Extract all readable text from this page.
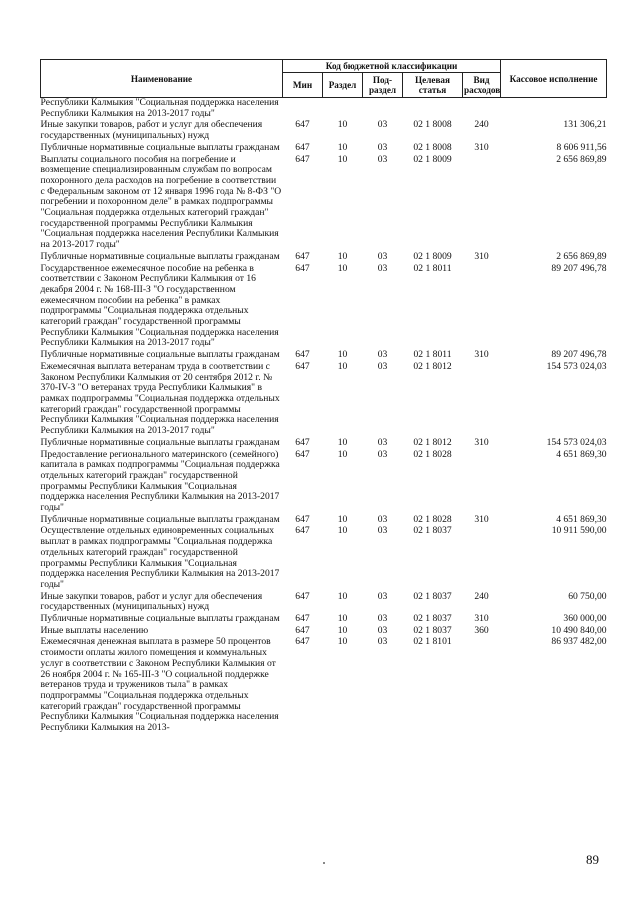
Наименование	Код бюджетной классификации					Кассовое исполнение
	Мин	Раздел	Под-раздел	Целевая статья	Вид расходов	
Республики Калмыкия "Социальная поддержка населения Республики Калмыкия на 2013-2017 годы"						
Иные закупки товаров, работ и услуг для обеспечения государственных (муниципальных) нужд	647	10	03	02 1 8008	240	131 306,21
Публичные нормативные социальные выплаты гражданам	647	10	03	02 1 8008	310	8 606 911,56
Выплаты социального пособия на погребение и возмещение специализированным службам по вопросам похоронного дела расходов на погребение в соответствии с Федеральным законом от 12 января 1996 года № 8-ФЗ "О погребении и похоронном деле" в рамках подпрограммы "Социальная поддержка отдельных категорий граждан" государственной программы Республики Калмыкия "Социальная поддержка населения Республики Калмыкия на 2013-2017 годы"	647	10	03	02 1 8009		2 656 869,89
Публичные нормативные социальные выплаты гражданам	647	10	03	02 1 8009	310	2 656 869,89
Государственное ежемесячное пособие на ребенка в соответствии с Законом Республики Калмыкия от 16 декабря 2004 г. № 168-III-З "О государственном ежемесячном пособии на ребенка" в рамках подпрограммы "Социальная поддержка отдельных категорий граждан" государственной программы Республики Калмыкия "Социальная поддержка населения Республики Калмыкия на 2013-2017 годы"	647	10	03	02 1 8011		89 207 496,78
Публичные нормативные социальные выплаты гражданам	647	10	03	02 1 8011	310	89 207 496,78
Ежемесячная выплата ветеранам труда в соответствии с Законом Республики Калмыкия от 20 сентября 2012 г. № 370-IV-З "О ветеранах труда Республики Калмыкия" в рамках подпрограммы "Социальная поддержка отдельных категорий граждан" государственной программы Республики Калмыкия "Социальная поддержка населения Республики Калмыкия на 2013-2017 годы"	647	10	03	02 1 8012		154 573 024,03
Публичные нормативные социальные выплаты гражданам	647	10	03	02 1 8012	310	154 573 024,03
Предоставление регионального материнского (семейного) капитала в рамках подпрограммы "Социальная поддержка отдельных категорий граждан" государственной программы Республики Калмыкия "Социальная поддержка населения Республики Калмыкия на 2013-2017 годы"	647	10	03	02 1 8028		4 651 869,30
Публичные нормативные социальные выплаты гражданам	647	10	03	02 1 8028	310	4 651 869,30
Осуществление отдельных единовременных социальных выплат в рамках подпрограммы "Социальная поддержка отдельных категорий граждан" государственной программы Республики Калмыкия "Социальная поддержка населения Республики Калмыкия на 2013-2017 годы"	647	10	03	02 1 8037		10 911 590,00
Иные закупки товаров, работ и услуг для обеспечения государственных (муниципальных) нужд	647	10	03	02 1 8037	240	60 750,00
Публичные нормативные социальные выплаты гражданам	647	10	03	02 1 8037	310	360 000,00
Иные выплаты населению	647	10	03	02 1 8037	360	10 490 840,00
Ежемесячная денежная выплата в размере 50 процентов стоимости оплаты жилого помещения и коммунальных услуг в соответствии с Законом Республики Калмыкия от 26 ноября 2004 г. № 165-III-З "О социальной поддержке ветеранов труда и тружеников тыла" в рамках подпрограммы "Социальная поддержка отдельных категорий граждан" государственной программы Республики Калмыкия "Социальная поддержка населения Республики Калмыкия на 2013-	647	10	03	02 1 8101		86 937 482,00
89
